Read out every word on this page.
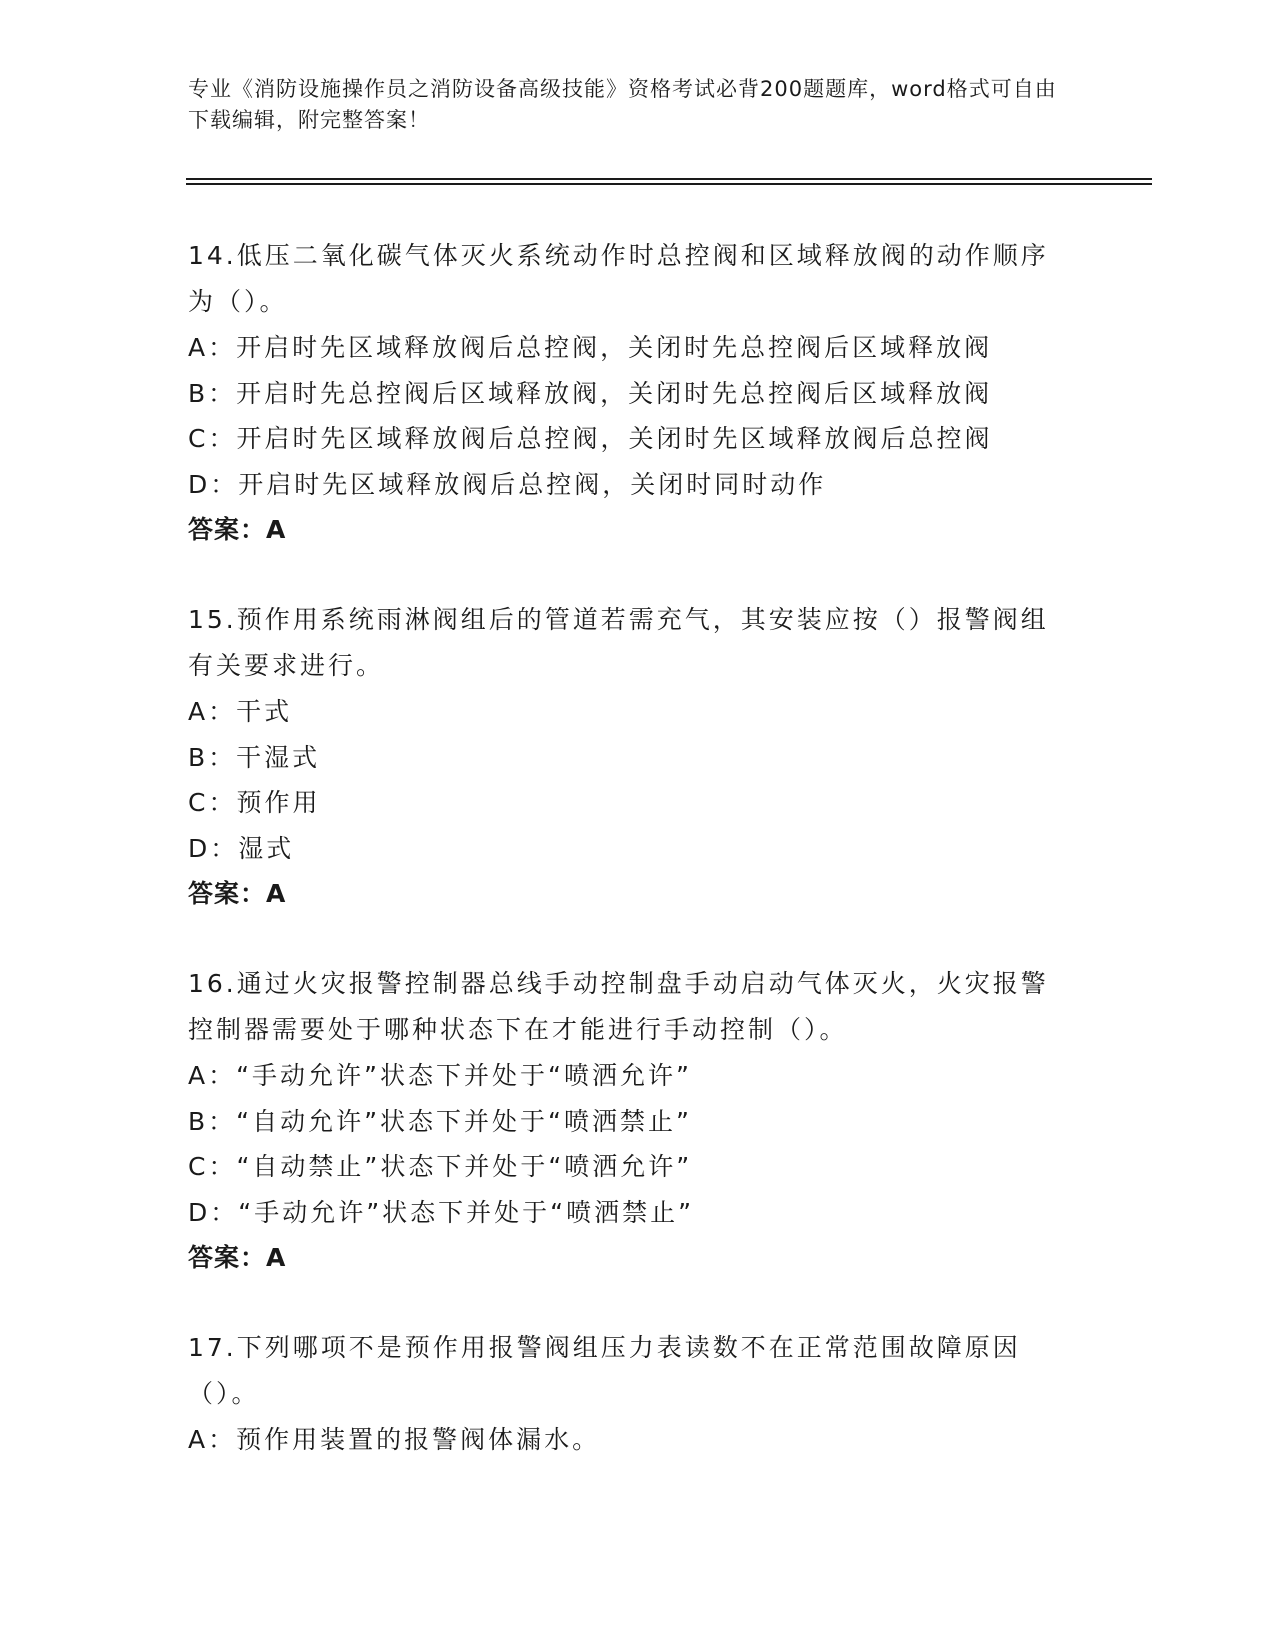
专业《消防设施操作员之消防设备高级技能》资格考试必背200题题库，word格式可自由下载编辑，附完整答案！
14.低压二氧化碳气体灭火系统动作时总控阀和区域释放阀的动作顺序为（）。
A：开启时先区域释放阀后总控阀，关闭时先总控阀后区域释放阀
B：开启时先总控阀后区域释放阀，关闭时先总控阀后区域释放阀
C：开启时先区域释放阀后总控阀，关闭时先区域释放阀后总控阀
D：开启时先区域释放阀后总控阀，关闭时同时动作
答案：A
15.预作用系统雨淋阀组后的管道若需充气，其安装应按（）报警阀组有关要求进行。
A：干式
B：干湿式
C：预作用
D：湿式
答案：A
16.通过火灾报警控制器总线手动控制盘手动启动气体灭火，火灾报警控制器需要处于哪种状态下在才能进行手动控制（）。
A：“手动允许”状态下并处于“喷洒允许”
B：“自动允许”状态下并处于“喷洒禁止”
C：“自动禁止”状态下并处于“喷洒允许”
D：“手动允许”状态下并处于“喷洒禁止”
答案：A
17.下列哪项不是预作用报警阀组压力表读数不在正常范围故障原因（）。
A：预作用装置的报警阀体漏水。
